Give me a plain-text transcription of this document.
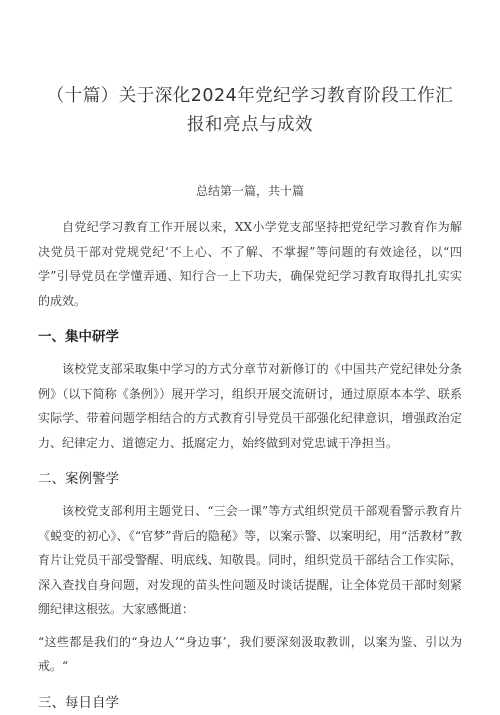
（十篇）关于深化2024年党纪学习教育阶段工作汇报和亮点与成效
总结第一篇，共十篇

自党纪学习教育工作开展以来，XX小学党支部坚持把党纪学习教育作为解决党员干部对党规党纪‘不上心、不了解、不掌握”等问题的有效途径，以“四学”引导党员在学懂弄通、知行合一上下功夫，确保党纪学习教育取得扎扎实实的成效。

一、集中研学

该校党支部采取集中学习的方式分章节对新修订的《中国共产党纪律处分条例》（以下简称《条例》）展开学习，组织开展交流研讨，通过原原本本学、联系实际学、带着问题学相结合的方式教育引导党员干部强化纪律意识，增强政治定力、纪律定力、道德定力、抵腐定力，始终做到对党忠诚干净担当。

二、案例警学

该校党支部利用主题党日、“三会一课”等方式组织党员干部观看警示教育片《蜕变的初心》、《“官梦”背后的隐秘》等，以案示警、以案明纪，用“活教材”教育片让党员干部受警醒、明底线、知敬畏。同时，组织党员干部结合工作实际，深入查找自身问题，对发现的苗头性问题及时谈话提醒，让全体党员干部时刻紧绷纪律这根弦。大家感慨道：

“这些都是我们的“身边人’“身边事’，我们要深刻汲取教训，以案为鉴、引以为戒。“

三、每日自学
